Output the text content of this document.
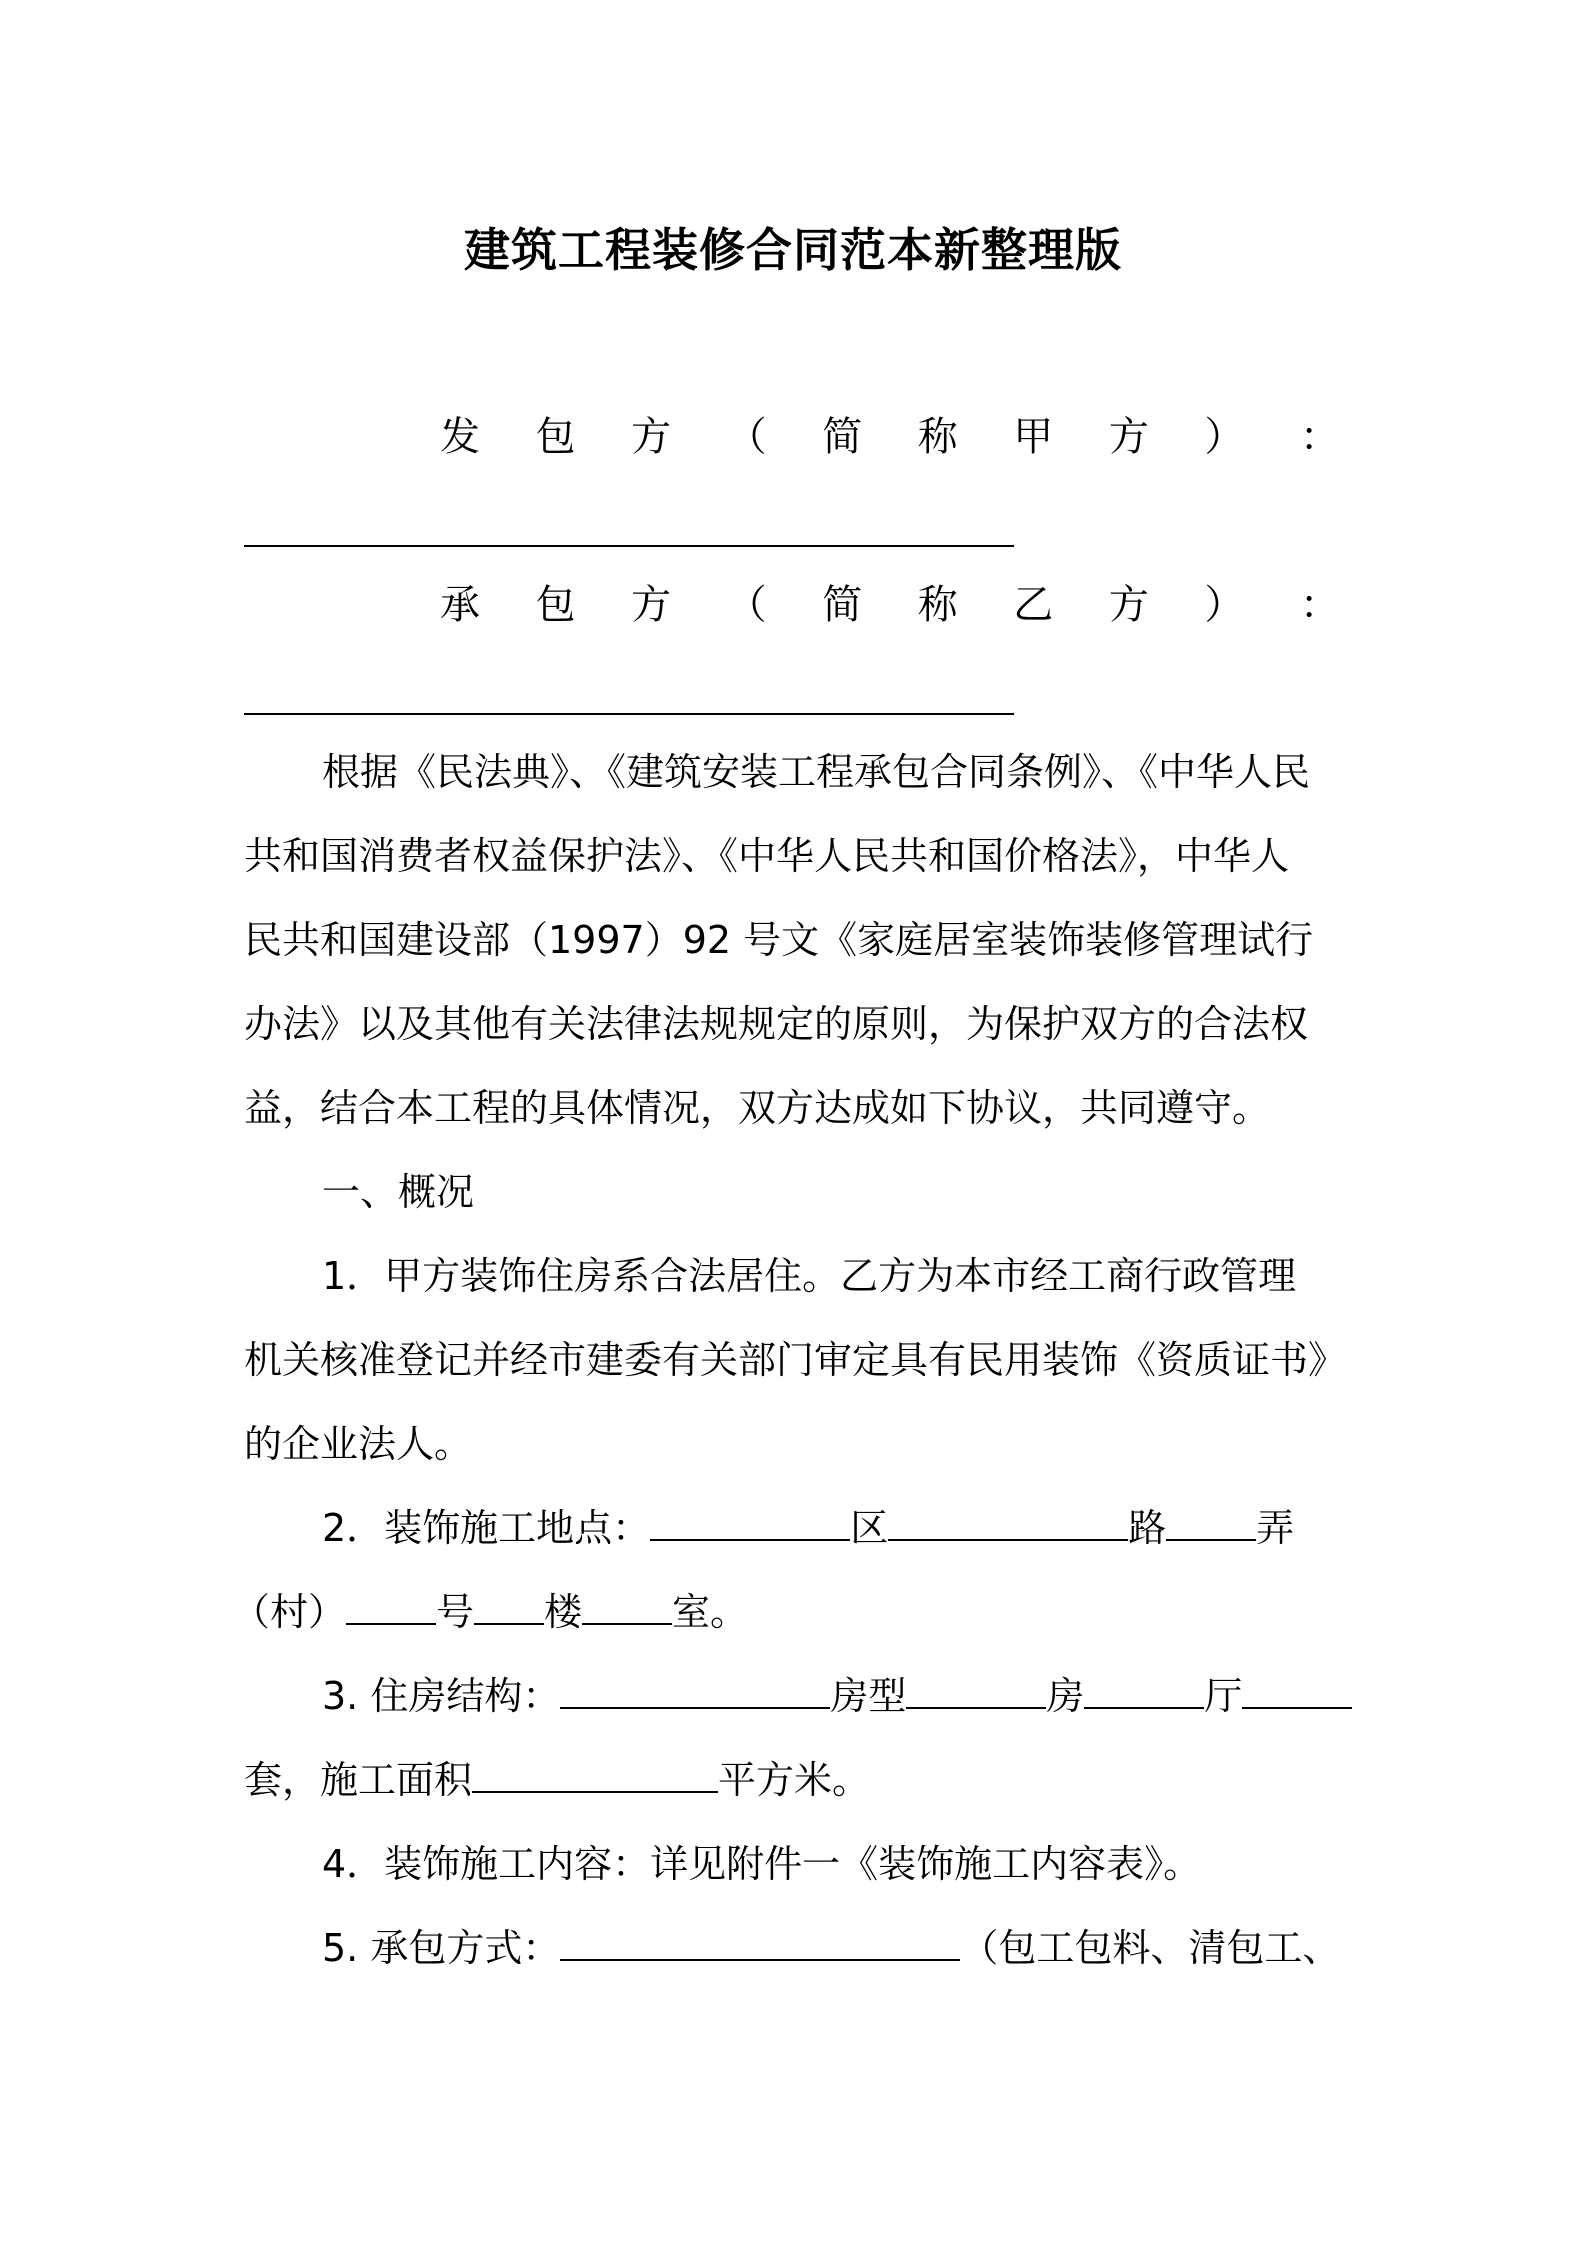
建筑工程装修合同范本新整理版
发 包 方 （ 简 称 甲 方 ） ：
承 包 方 （ 简 称 乙 方 ） ：
根据《民法典》、《建筑安装工程承包合同条例》、《中华人民
共和国消费者权益保护法》、《中华人民共和国价格法》，中华人
民共和国建设部（1997）92 号文《家庭居室装饰装修管理试行
办法》以及其他有关法律法规规定的原则，为保护双方的合法权
益，结合本工程的具体情况，双方达成如下协议，共同遵守。
一、概况
1．甲方装饰住房系合法居住。乙方为本市经工商行政管理
机关核准登记并经市建委有关部门审定具有民用装饰《资质证书》
的企业法人。
2．装饰施工地点：	区	路 弄
（村） 号 楼 室。
3. 住房结构：	房型	房	厅
套，施工面积	平方米。
4．装饰施工内容：详见附件一《装饰施工内容表》。
5. 承包方式：	（包工包料、清包工、
